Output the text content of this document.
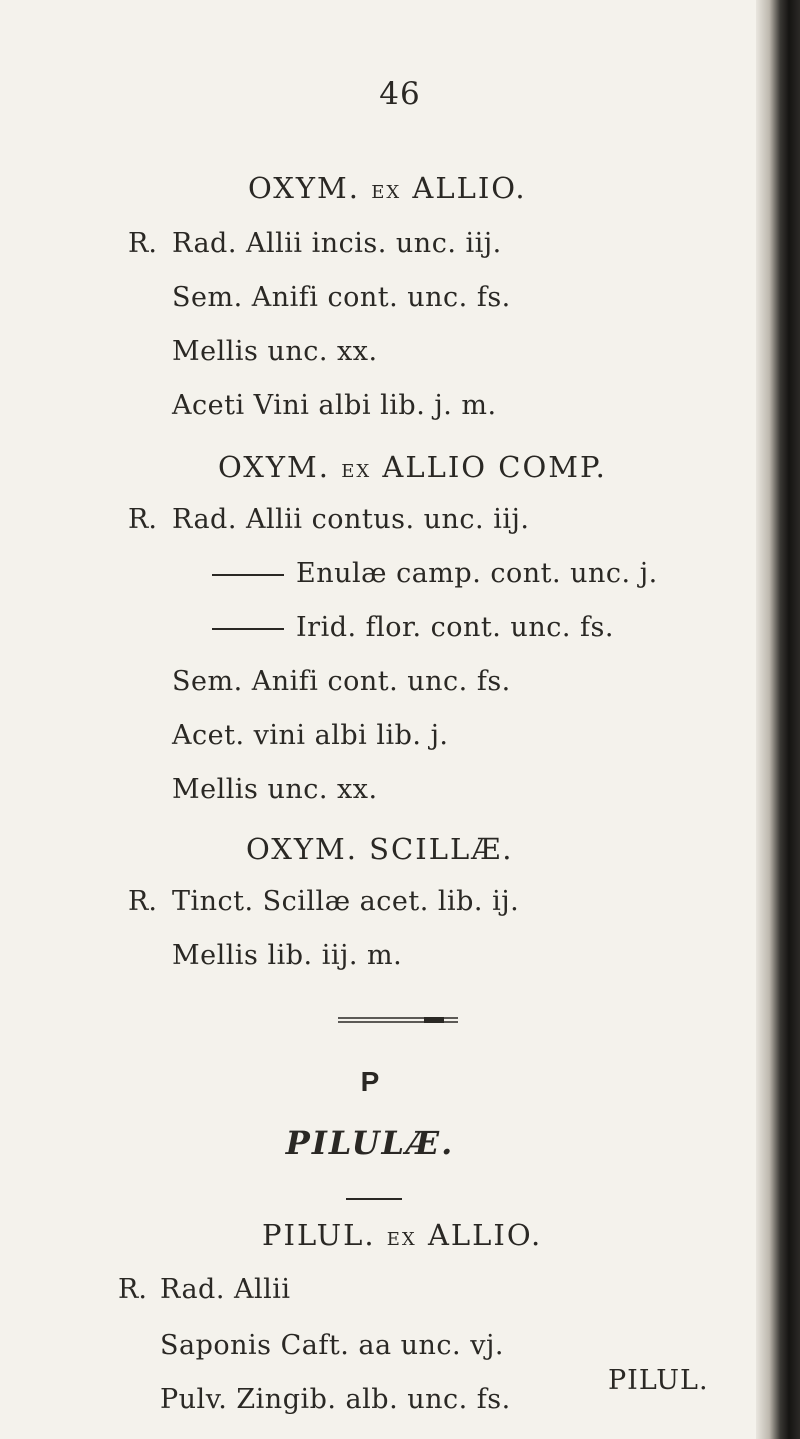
46
OXYM. EX ALLIO.
R. Rad. Allii incis. unc. iij.
Sem. Anifi cont. unc. fs.
Mellis unc. xx.
Aceti Vini albi lib. j. m.
OXYM. EX ALLIO COMP.
R. Rad. Allii contus. unc. iij.
Enulæ camp. cont. unc. j.
Irid. flor. cont. unc. fs.
Sem. Anifi cont. unc. fs.
Acet. vini albi lib. j.
Mellis unc. xx.
OXYM. SCILLÆ.
R. Tinct. Scillæ acet. lib. ij.
Mellis lib. iij. m.
P
PILULÆ.
PILUL. EX ALLIO.
R. Rad. Allii
Saponis Caft. aa unc. vj.
Pulv. Zingib. alb. unc. fs.
PILUL.
